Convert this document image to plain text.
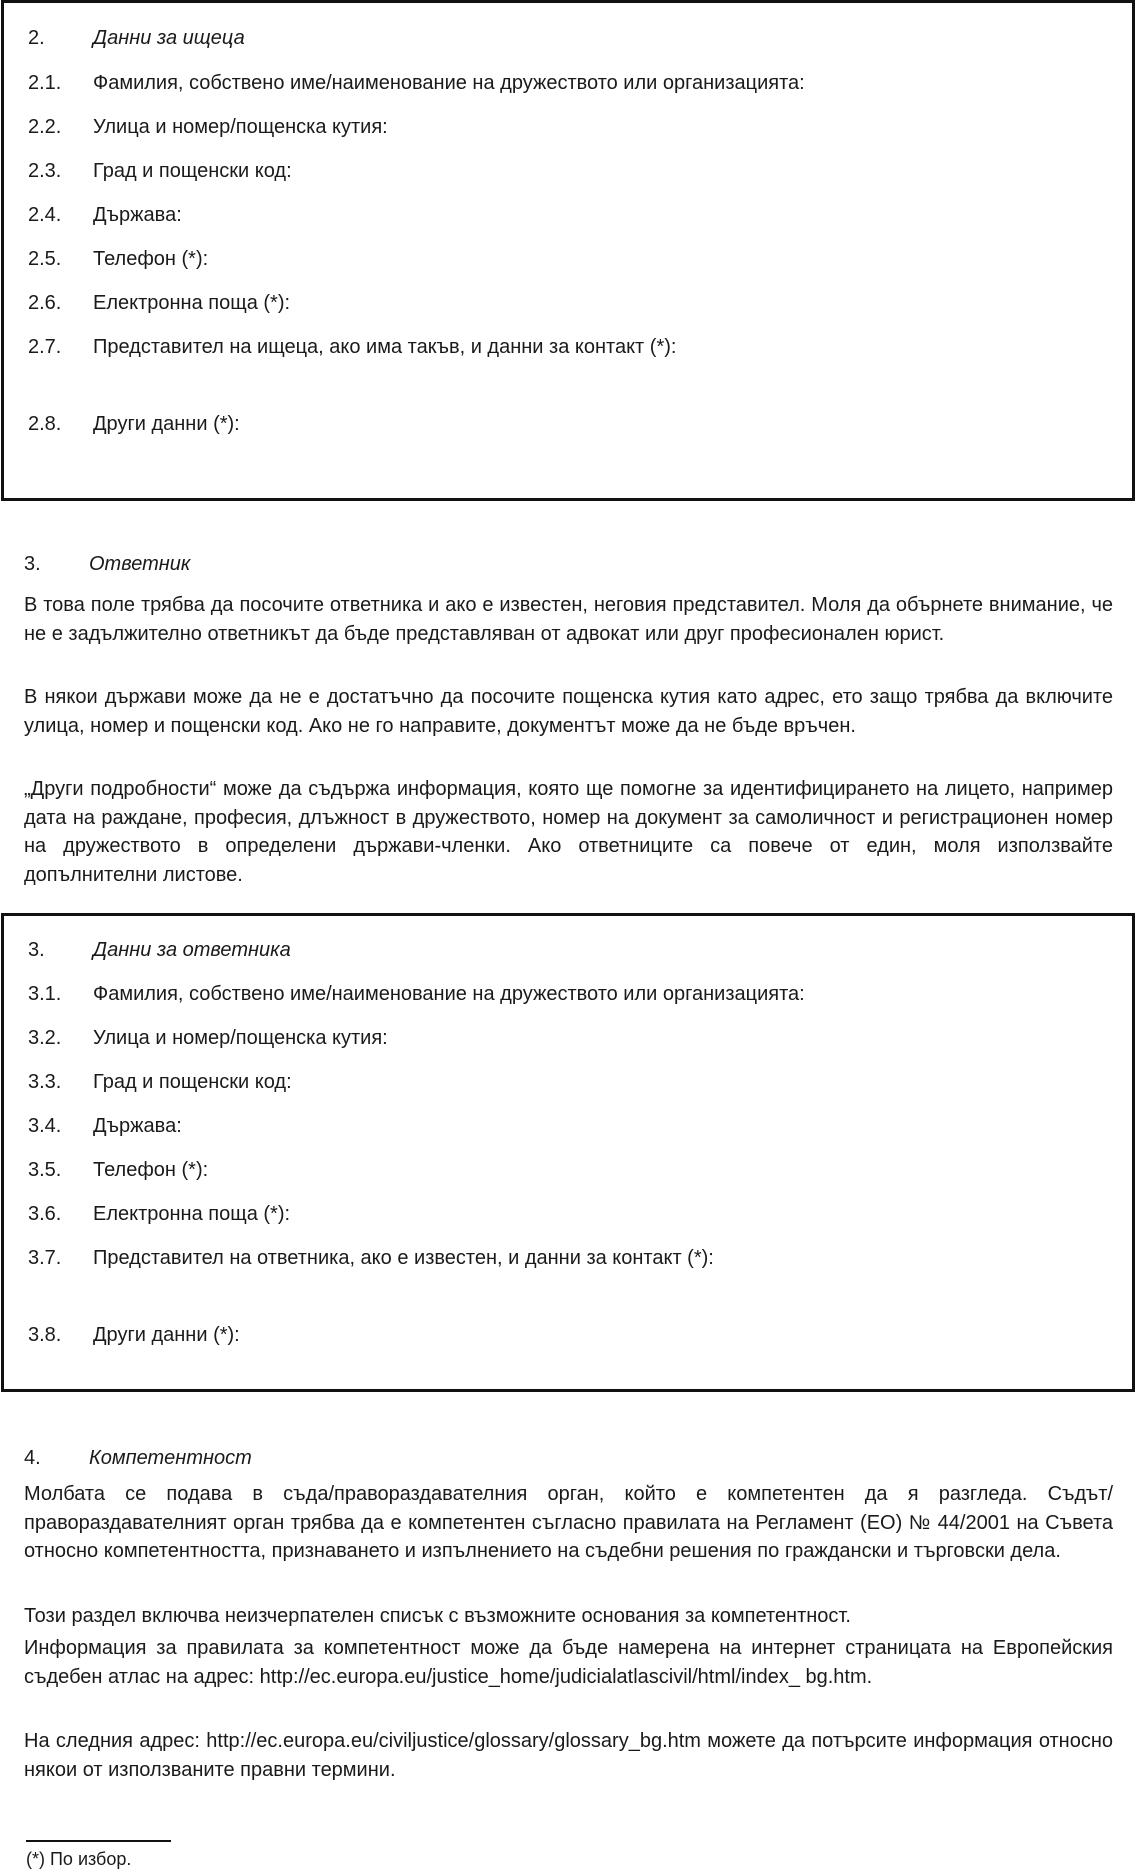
2. Данни за ищеца
2.1. Фамилия, собствено име/наименование на дружеството или организацията:
2.2. Улица и номер/пощенска кутия:
2.3. Град и пощенски код:
2.4. Държава:
2.5. Телефон (*):
2.6. Електронна поща (*):
2.7. Представител на ищеца, ако има такъв, и данни за контакт (*):
2.8. Други данни (*):
3. Ответник

В това поле трябва да посочите ответника и ако е известен, неговия представител. Моля да обърнете внимание, че не е задължително ответникът да бъде представляван от адвокат или друг професионален юрист.

В някои държави може да не е достатъчно да посочите пощенска кутия като адрес, ето защо трябва да включите улица, номер и пощенски код. Ако не го направите, документът може да не бъде връчен.

„Други подробности“ може да съдържа информация, която ще помогне за идентифицирането на лицето, например дата на раждане, професия, длъжност в дружеството, номер на документ за самоличност и регистрационен номер на дружеството в определени държави-членки. Ако ответниците са повече от един, моля използвайте допълнителни листове.

3. Данни за ответника
3.1. Фамилия, собствено име/наименование на дружеството или организацията:
3.2. Улица и номер/пощенска кутия:
3.3. Град и пощенски код:
3.4. Държава:
3.5. Телефон (*):
3.6. Електронна поща (*):
3.7. Представител на ответника, ако е известен, и данни за контакт (*):
3.8. Други данни (*):
4. Компетентност

Молбата се подава в съда/правораздавателния орган, който е компетентен да я разгледа. Съдът/правораздавателният орган трябва да е компетентен съгласно правилата на Регламент (ЕО) № 44/2001 на Съвета относно компетентността, признаването и изпълнението на съдебни решения по граждански и търговски дела.

Този раздел включва неизчерпателен списък с възможните основания за компетентност.

Информация за правилата за компетентност може да бъде намерена на интернет страницата на Европейския съдебен атлас на адрес: http://ec.europa.eu/justice_home/judicialatlascivil/html/index_ bg.htm.

На следния адрес: http://ec.europa.eu/civiljustice/glossary/glossary_bg.htm можете да потърсите информация относно някои от използваните правни термини.

(*) По избор.
